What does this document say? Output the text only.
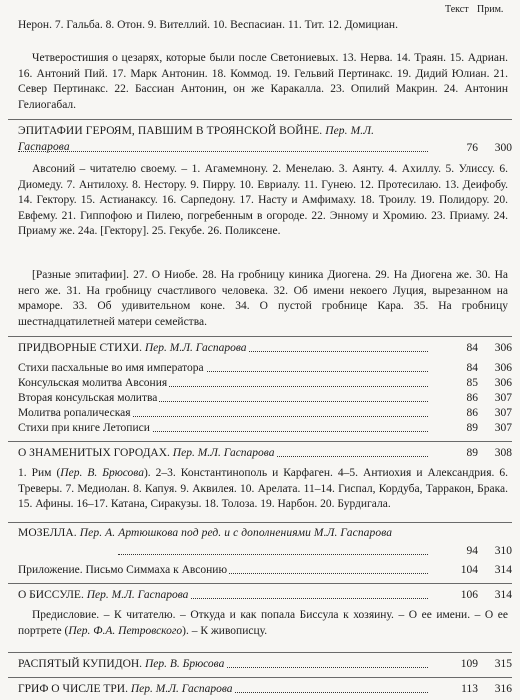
Текст Прим.
Нерон. 7. Гальба. 8. Отон. 9. Вителлий. 10. Веспасиан. 11. Тит. 12. Домициан.
Четверостишия о цезарях, которые были после Светониевых. 13. Нерва. 14. Траян. 15. Адриан. 16. Антоний Пий. 17. Марк Антонин. 18. Коммод. 19. Гельвий Пертинакс. 19. Дидий Юлиан. 21. Север Пертинакс. 22. Бассиан Антонин, он же Каракалла. 23. Опилий Макрин. 24. Антонин Гелиогабал.
ЭПИТАФИИ ГЕРОЯМ, ПАВШИМ В ТРОЯНСКОЙ ВОЙНЕ. Пер. М.Л. Гаспарова	76	300
Авсоний – читателю своему. – 1. Агамемнону. 2. Менелаю. 3. Аянту. 4. Ахиллу. 5. Улиссу. 6. Диомеду. 7. Антилоху. 8. Нестору. 9. Пирру. 10. Евриалу. 11. Гунею. 12. Протесилаю. 13. Деифобу. 14. Гектору. 15. Астианаксу. 16. Сарпедону. 17. Насту и Амфимаху. 18. Троилу. 19. Полидору. 20. Евфему. 21. Гиппофою и Пилею, погребенным в огороде. 22. Энному и Хромию. 23. Приаму. 24. Приаму же. 24а. [Гектору]. 25. Гекубе. 26. Поликсене.
[Разные эпитафии]. 27. О Ниобе. 28. На гробницу киника Диогена. 29. На Диогена же. 30. На него же. 31. На гробницу счастливого человека. 32. Об имени некоего Луция, вырезанном на мраморе. 33. Об удивительном коне. 34. О пустой гробнице Кара. 35. На гробницу шестнадцатилетней матери семейства.
ПРИДВОРНЫЕ СТИХИ. Пер. М.Л. Гаспарова	84	306
Стихи пасхальные во имя императора	84	306
Консульская молитва Авсония	85	306
Вторая консульская молитва	86	307
Молитва ропалическая	86	307
Стихи при книге Летописи	89	307
О ЗНАМЕНИТЫХ ГОРОДАХ. Пер. М.Л. Гаспарова	89	308
1. Рим (Пер. В. Брюсова). 2–3. Константинополь и Карфаген. 4–5. Антиохия и Александрия. 6. Треверы. 7. Медиолан. 8. Капуя. 9. Аквилея. 10. Арелата. 11–14. Гиспал, Кордуба, Тарракон, Брака. 15. Афины. 16–17. Катана, Сиракузы. 18. Толоза. 19. Нарбон. 20. Бурдигала.
МОЗЕЛЛА. Пер. А. Артюшкова под ред. и с дополнениями М.Л. Гаспарова
94	310
Приложение. Письмо Симмаха к Авсонию	104	314
О БИССУЛЕ. Пер. М.Л. Гаспарова	106	314
Предисловие. – К читателю. – Откуда и как попала Биссула к хозяину. – О ее имени. – О ее портрете (Пер. Ф.А. Петровского). – К живописцу.
РАСПЯТЫЙ КУПИДОН. Пер. В. Брюсова	109	315
ГРИФ О ЧИСЛЕ ТРИ. Пер. М.Л. Гаспарова	113	316
